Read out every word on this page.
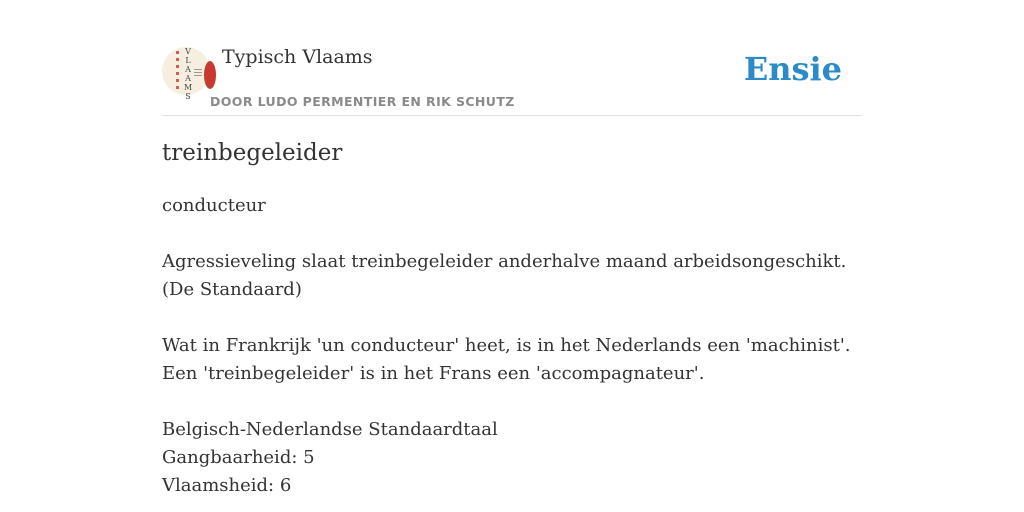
V
L
A
A
M
S
Typisch Vlaams
DOOR LUDO PERMENTIER EN RIK SCHUTZ
Ensie
treinbegeleider

conducteur

Agressieveling slaat treinbegeleider anderhalve maand arbeidsongeschikt.
(De Standaard)

Wat in Frankrijk 'un conducteur' heet, is in het Nederlands een 'machinist'. Een 'treinbegeleider' is in het Frans een 'accompagnateur'.

Belgisch-Nederlandse Standaardtaal
Gangbaarheid: 5
Vlaamsheid: 6
